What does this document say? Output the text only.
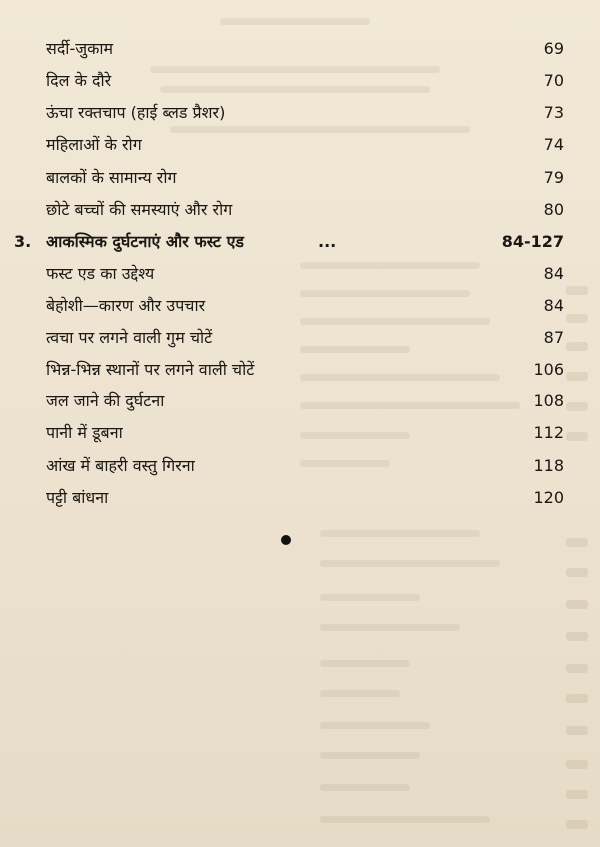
सर्दी-जुकाम	69
दिल के दौरे	70
ऊंचा रक्तचाप (हाई ब्लड प्रैशर)	73
महिलाओं के रोग	74
बालकों के सामान्य रोग	79
छोटे बच्चों की समस्याएं और रोग	80
3. आकस्मिक दुर्घटनाएं और फस्ट एड	...	84-127
फस्ट एड का उद्देश्य	84
बेहोशी—कारण और उपचार	84
त्वचा पर लगने वाली गुम चोटें	87
भिन्न-भिन्न स्थानों पर लगने वाली चोटें	106
जल जाने की दुर्घटना	108
पानी में डूबना	112
आंख में बाहरी वस्तु गिरना	118
पट्टी बांधना	120
